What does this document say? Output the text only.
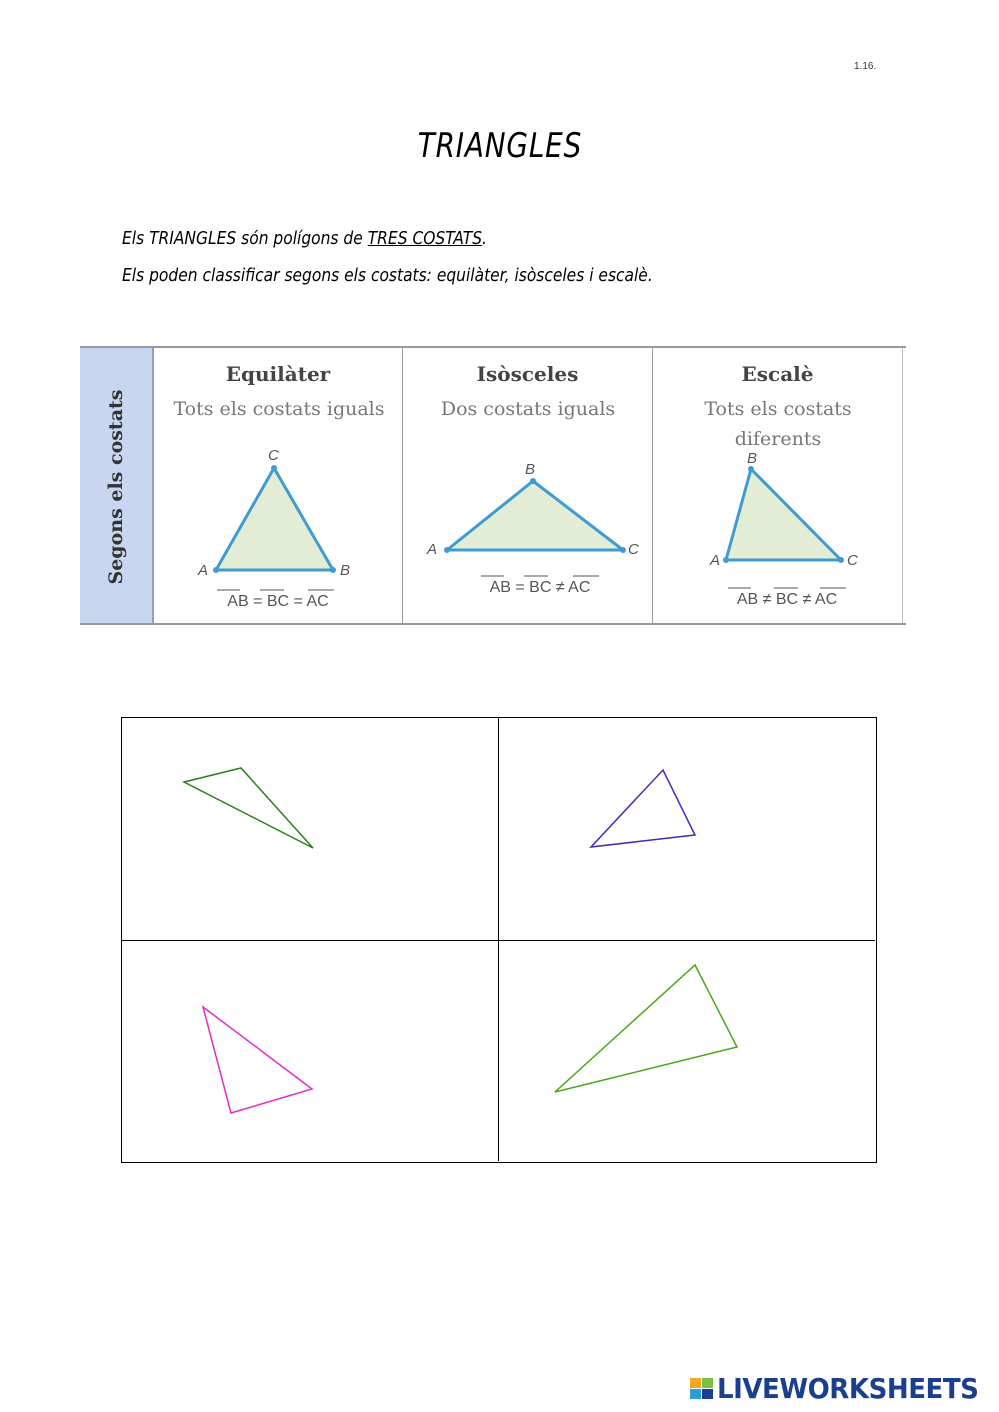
1.16.
TRIANGLES
Els TRIANGLES són polígons de TRES COSTATS.
Els poden classificar segons els costats: equilàter, isòsceles i escalè.
Segons els costats
Equilàter
Tots els costats iguals
A	B
C
AB = BC = AC
Isòsceles
Dos costats iguals
A
B
C
AB = BC ≠ AC
Escalè
Tots els costats
diferents
A
B
C
AB ≠ BC ≠ AC
LIVEWORKSHEETS
